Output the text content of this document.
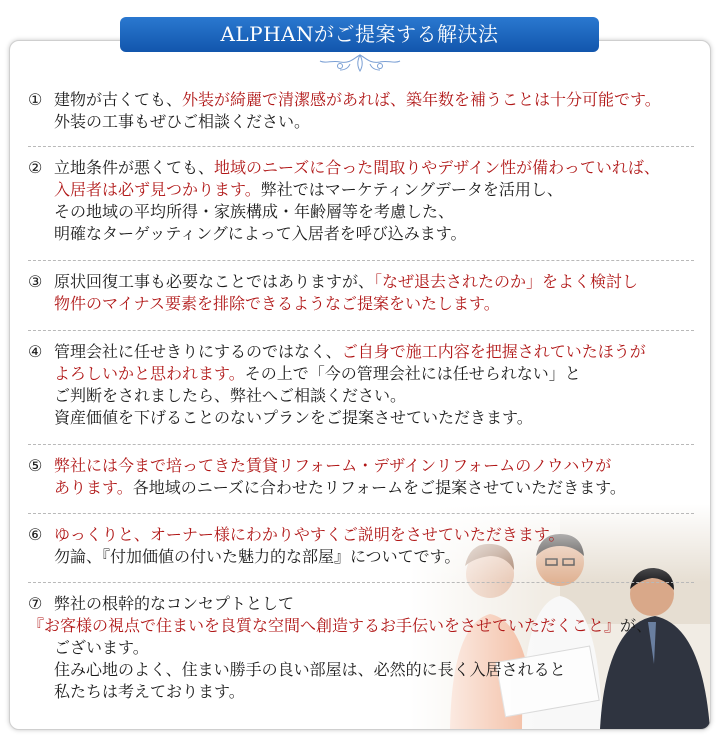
① 建物が古くても、外装が綺麗で清潔感があれば、築年数を補うことは十分可能です。
外装の工事もぜひご相談ください。
② 立地条件が悪くても、地域のニーズに合った間取りやデザイン性が備わっていれば、
入居者は必ず見つかります。弊社ではマーケティングデータを活用し、
その地域の平均所得・家族構成・年齢層等を考慮した、
明確なターゲッティングによって入居者を呼び込みます。
③ 原状回復工事も必要なことではありますが、「なぜ退去されたのか」をよく検討し
物件のマイナス要素を排除できるようなご提案をいたします。
④ 管理会社に任せきりにするのではなく、ご自身で施工内容を把握されていたほうが
よろしいかと思われます。その上で「今の管理会社には任せられない」と
ご判断をされましたら、弊社へご相談ください。
資産価値を下げることのないプランをご提案させていただきます。
⑤ 弊社には今まで培ってきた賃貸リフォーム・デザインリフォームのノウハウが
あります。各地域のニーズに合わせたリフォームをご提案させていただきます。
⑥ ゆっくりと、オーナー様にわかりやすくご説明をさせていただきます。
勿論、『付加価値の付いた魅力的な部屋』についてです。
⑦ 弊社の根幹的なコンセプトとして
『お客様の視点で住まいを良質な空間へ創造するお手伝いをさせていただくこと』が、
ございます。
住み心地のよく、住まい勝手の良い部屋は、必然的に長く入居されると
私たちは考えております。
ALPHANがご提案する解決法
